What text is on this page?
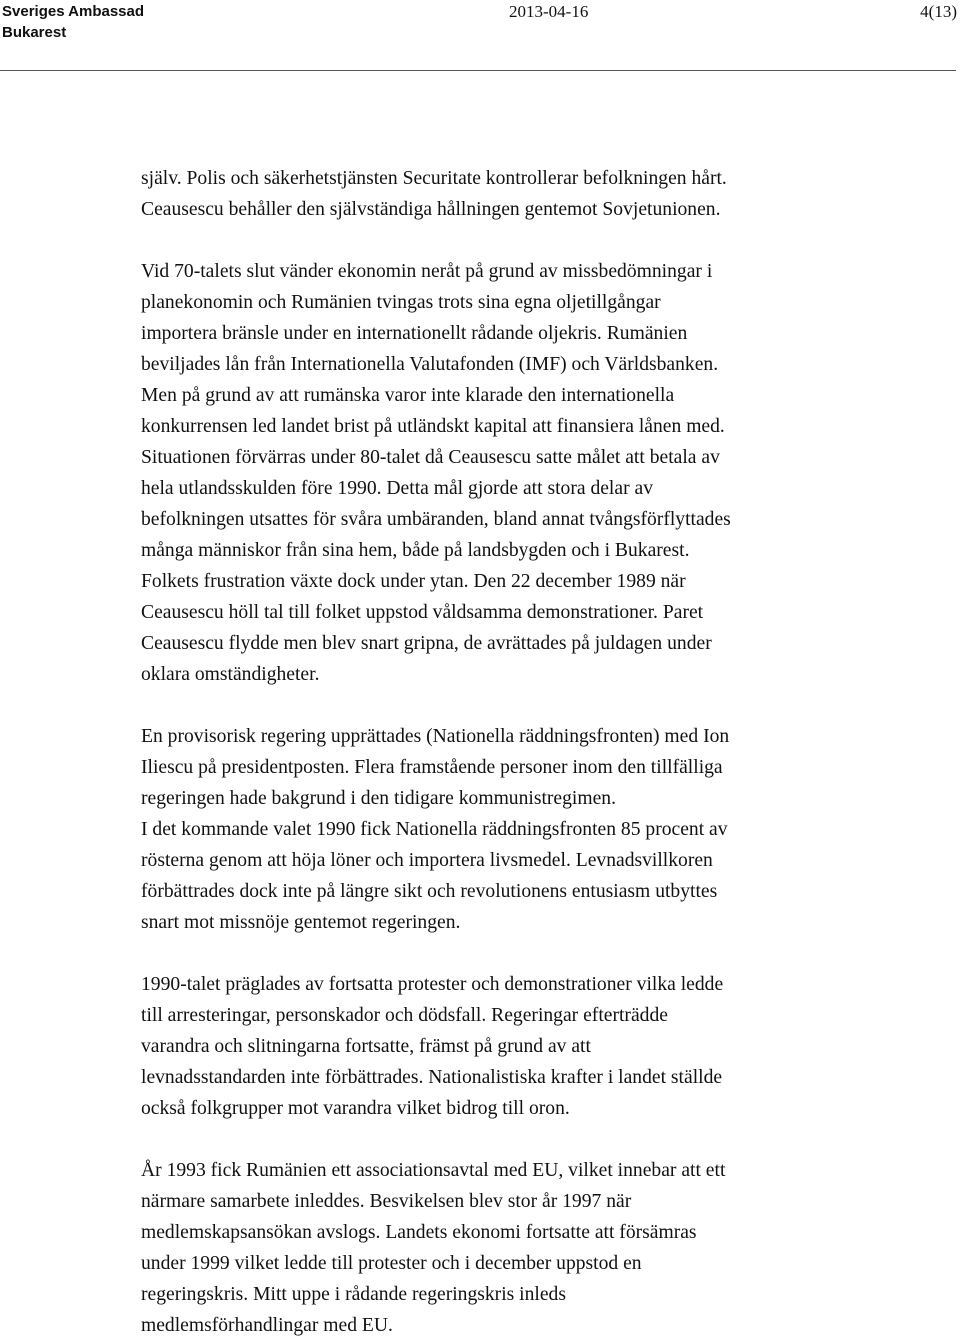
Sveriges Ambassad
Bukarest
2013-04-16	4(13)

själv. Polis och säkerhetstjänsten Securitate kontrollerar befolkningen hårt.
Ceausescu behåller den självständiga hållningen gentemot Sovjetunionen.

Vid 70-talets slut vänder ekonomin neråt på grund av missbedömningar i
planekonomin och Rumänien tvingas trots sina egna oljetillgångar
importera bränsle under en internationellt rådande oljekris. Rumänien
beviljades lån från Internationella Valutafonden (IMF) och Världsbanken.
Men på grund av att rumänska varor inte klarade den internationella
konkurrensen led landet brist på utländskt kapital att finansiera lånen med.
Situationen förvärras under 80-talet då Ceausescu satte målet att betala av
hela utlandsskulden före 1990. Detta mål gjorde att stora delar av
befolkningen utsattes för svåra umbäranden, bland annat tvångsförflyttades
många människor från sina hem, både på landsbygden och i Bukarest.
Folkets frustration växte dock under ytan. Den 22 december 1989 när
Ceausescu höll tal till folket uppstod våldsamma demonstrationer. Paret
Ceausescu flydde men blev snart gripna, de avrättades på juldagen under
oklara omständigheter.

En provisorisk regering upprättades (Nationella räddningsfronten) med Ion
Iliescu på presidentposten. Flera framstående personer inom den tillfälliga
regeringen hade bakgrund i den tidigare kommunistregimen.
I det kommande valet 1990 fick Nationella räddningsfronten 85 procent av
rösterna genom att höja löner och importera livsmedel. Levnadsvillkoren
förbättrades dock inte på längre sikt och revolutionens entusiasm utbyttes
snart mot missnöje gentemot regeringen.

1990-talet präglades av fortsatta protester och demonstrationer vilka ledde
till arresteringar, personskador och dödsfall. Regeringar efterträdde
varandra och slitningarna fortsatte, främst på grund av att
levnadsstandarden inte förbättrades. Nationalistiska krafter i landet ställde
också folkgrupper mot varandra vilket bidrog till oron.

År 1993 fick Rumänien ett associationsavtal med EU, vilket innebar att ett
närmare samarbete inleddes. Besvikelsen blev stor år 1997 när
medlemskapsansökan avslogs. Landets ekonomi fortsatte att försämras
under 1999 vilket ledde till protester och i december uppstod en
regeringskris. Mitt uppe i rådande regeringskris inleds
medlemsförhandlingar med EU.
